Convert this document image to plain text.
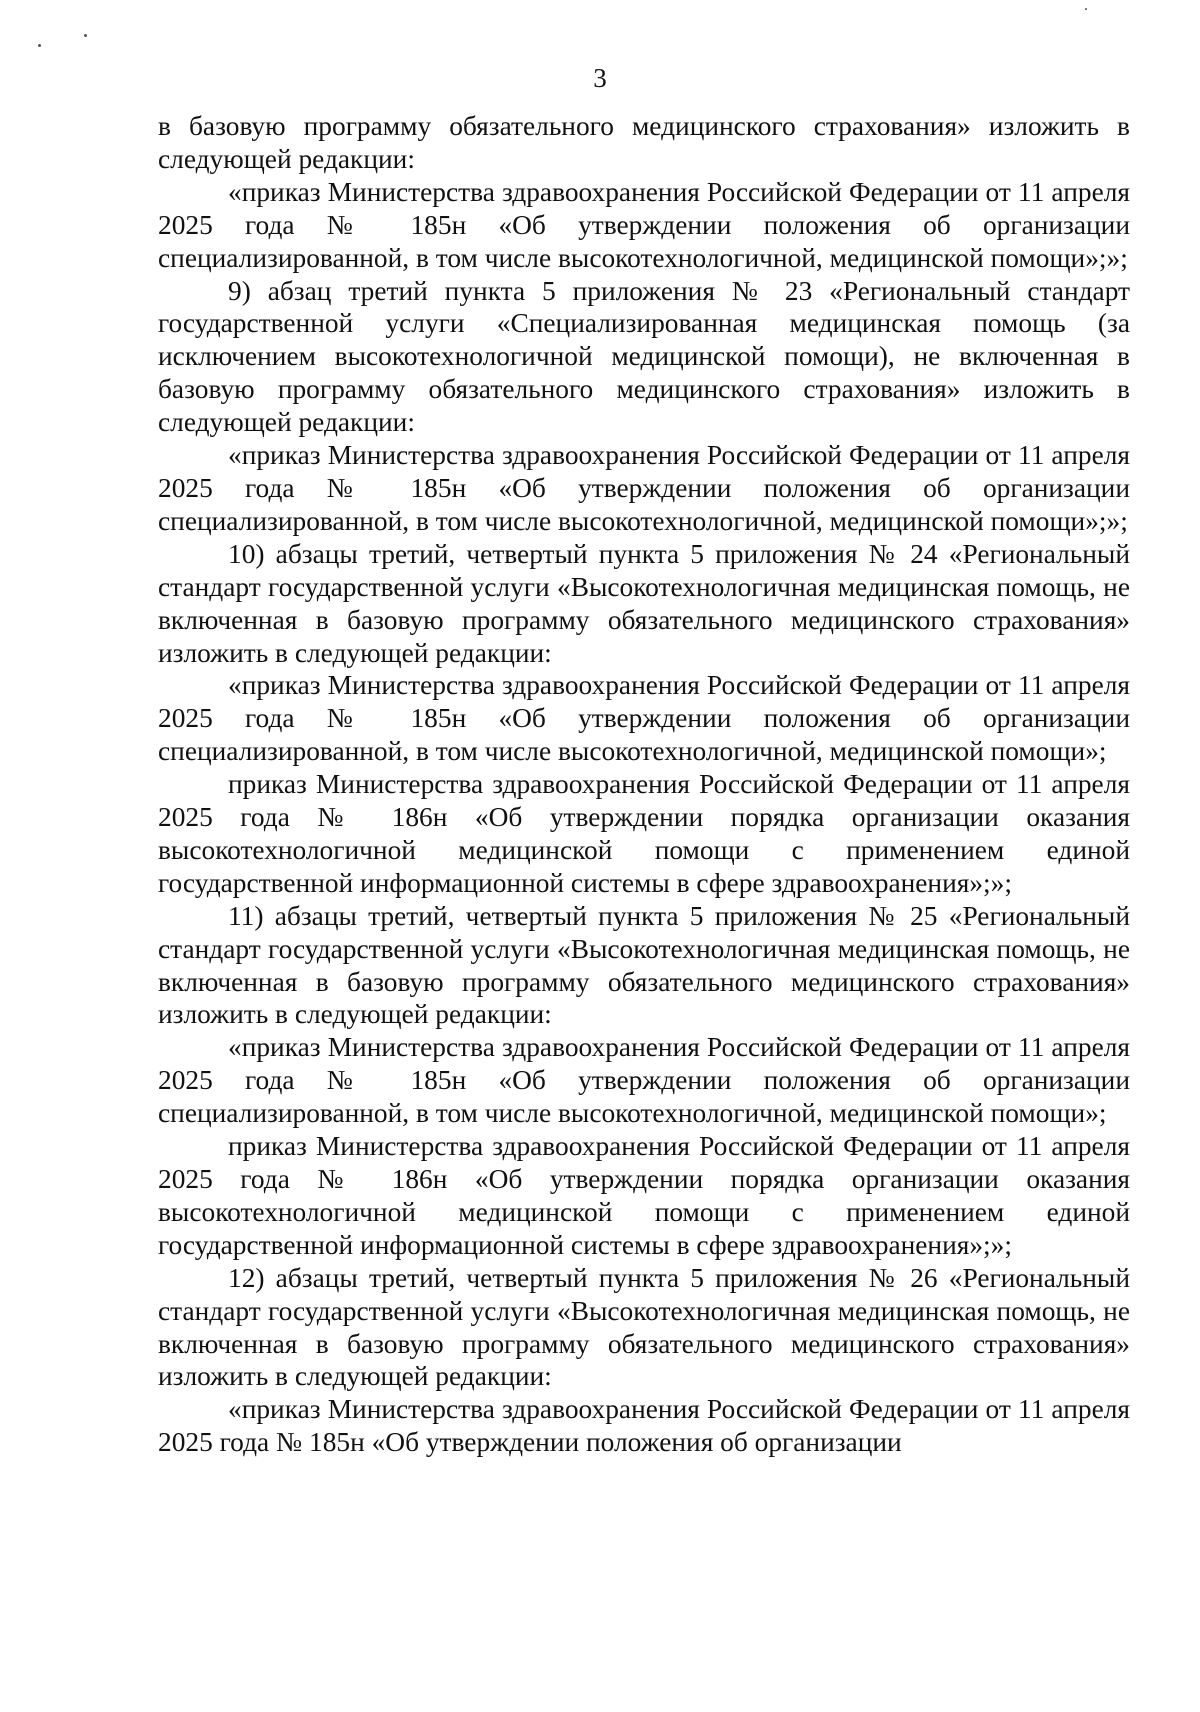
3

в базовую программу обязательного медицинского страхования» изложить в следующей редакции:

«приказ Министерства здравоохранения Российской Федерации от 11 апреля 2025 года № 185н «Об утверждении положения об организации специализированной, в том числе высокотехнологичной, медицинской помощи»;»;

9) абзац третий пункта 5 приложения № 23 «Региональный стандарт государственной услуги «Специализированная медицинская помощь (за исключением высокотехнологичной медицинской помощи), не включенная в базовую программу обязательного медицинского страхования» изложить в следующей редакции:

«приказ Министерства здравоохранения Российской Федерации от 11 апреля 2025 года № 185н «Об утверждении положения об организации специализированной, в том числе высокотехнологичной, медицинской помощи»;»;

10) абзацы третий, четвертый пункта 5 приложения № 24 «Региональный стандарт государственной услуги «Высокотехнологичная медицинская помощь, не включенная в базовую программу обязательного медицинского страхования» изложить в следующей редакции:

«приказ Министерства здравоохранения Российской Федерации от 11 апреля 2025 года № 185н «Об утверждении положения об организации специализированной, в том числе высокотехнологичной, медицинской помощи»;

приказ Министерства здравоохранения Российской Федерации от 11 апреля 2025 года № 186н «Об утверждении порядка организации оказания высокотехнологичной медицинской помощи с применением единой государственной информационной системы в сфере здравоохранения»;»;

11) абзацы третий, четвертый пункта 5 приложения № 25 «Региональный стандарт государственной услуги «Высокотехнологичная медицинская помощь, не включенная в базовую программу обязательного медицинского страхования» изложить в следующей редакции:

«приказ Министерства здравоохранения Российской Федерации от 11 апреля 2025 года № 185н «Об утверждении положения об организации специализированной, в том числе высокотехнологичной, медицинской помощи»;

приказ Министерства здравоохранения Российской Федерации от 11 апреля 2025 года № 186н «Об утверждении порядка организации оказания высокотехнологичной медицинской помощи с применением единой государственной информационной системы в сфере здравоохранения»;»;

12) абзацы третий, четвертый пункта 5 приложения № 26 «Региональный стандарт государственной услуги «Высокотехнологичная медицинская помощь, не включенная в базовую программу обязательного медицинского страхования» изложить в следующей редакции:

«приказ Министерства здравоохранения Российской Федерации от 11 апреля 2025 года № 185н «Об утверждении положения об организации
